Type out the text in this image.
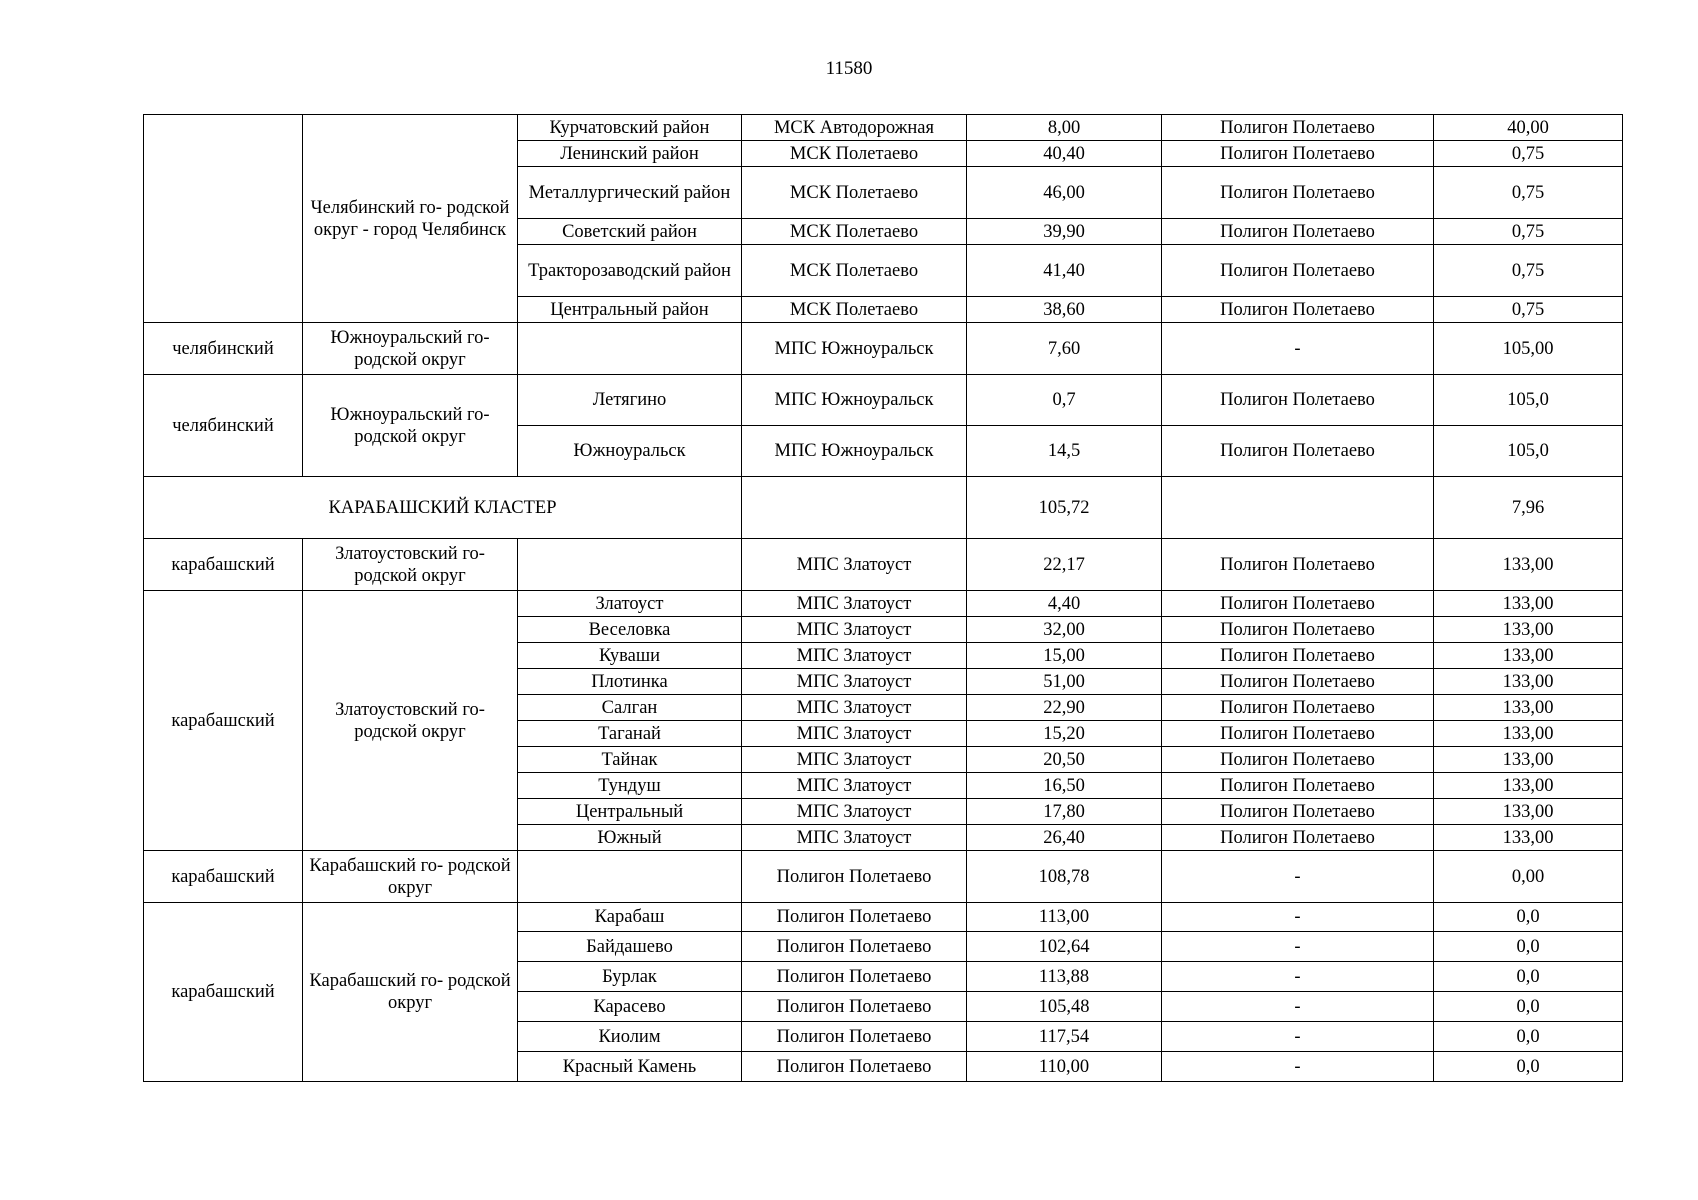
11580
	Челябинский го- родской округ - город Челябинск	Курчатовский район	МСК Автодорожная	8,00	Полигон Полетаево	40,00
		Ленинский район	МСК Полетаево	40,40	Полигон Полетаево	0,75
		Металлургический район	МСК Полетаево	46,00	Полигон Полетаево	0,75
		Советский район	МСК Полетаево	39,90	Полигон Полетаево	0,75
		Тракторозаводский район	МСК Полетаево	41,40	Полигон Полетаево	0,75
		Центральный район	МСК Полетаево	38,60	Полигон Полетаево	0,75
челябинский	Южноуральский го- родской округ		МПС Южноуральск	7,60	-	105,00
челябинский	Южноуральский го- родской округ	Летягино	МПС Южноуральск	0,7	Полигон Полетаево	105,0
		Южноуральск	МПС Южноуральск	14,5	Полигон Полетаево	105,0
КАРАБАШСКИЙ КЛАСТЕР				105,72		7,96
карабашский	Златоустовский го- родской округ		МПС Златоуст	22,17	Полигон Полетаево	133,00
карабашский	Златоустовский го- родской округ	Златоуст	МПС Златоуст	4,40	Полигон Полетаево	133,00
		Веселовка	МПС Златоуст	32,00	Полигон Полетаево	133,00
		Куваши	МПС Златоуст	15,00	Полигон Полетаево	133,00
		Плотинка	МПС Златоуст	51,00	Полигон Полетаево	133,00
		Салган	МПС Златоуст	22,90	Полигон Полетаево	133,00
		Таганай	МПС Златоуст	15,20	Полигон Полетаево	133,00
		Тайнак	МПС Златоуст	20,50	Полигон Полетаево	133,00
		Тундуш	МПС Златоуст	16,50	Полигон Полетаево	133,00
		Центральный	МПС Златоуст	17,80	Полигон Полетаево	133,00
		Южный	МПС Златоуст	26,40	Полигон Полетаево	133,00
карабашский	Карабашский го- родской округ		Полигон Полетаево	108,78	-	0,00
карабашский	Карабашский го- родской округ	Карабаш	Полигон Полетаево	113,00	-	0,0
		Байдашево	Полигон Полетаево	102,64	-	0,0
		Бурлак	Полигон Полетаево	113,88	-	0,0
		Карасево	Полигон Полетаево	105,48	-	0,0
		Киолим	Полигон Полетаево	117,54	-	0,0
		Красный Камень	Полигон Полетаево	110,00	-	0,0
